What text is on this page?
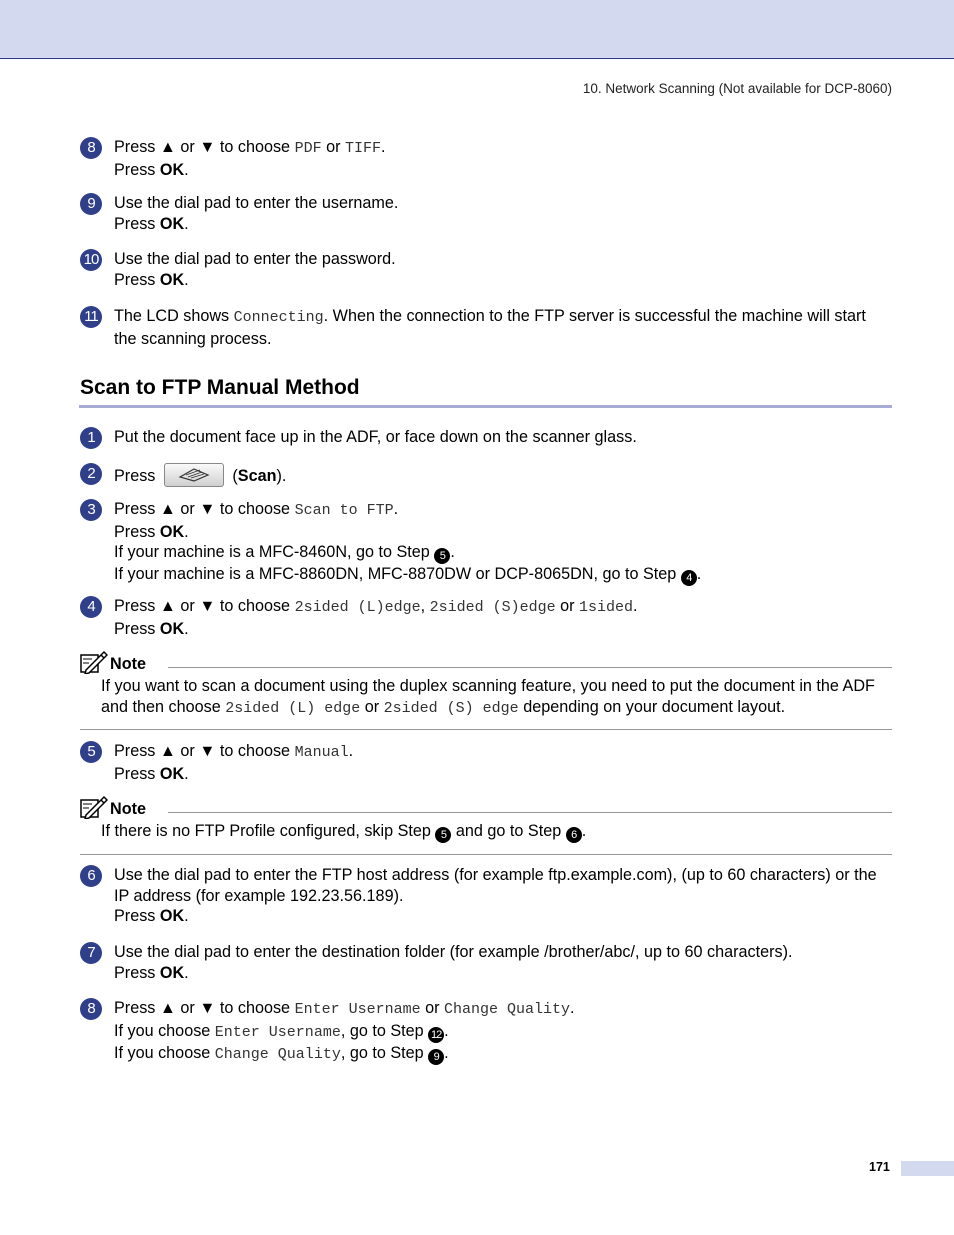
10. Network Scanning (Not available for DCP-8060)
8	Press ▲ or ▼ to choose PDF or TIFF.
Press OK.
9	Use the dial pad to enter the username.
Press OK.
10 Use the dial pad to enter the password.
Press OK.
11 The LCD shows Connecting. When the connection to the FTP server is successful the machine will start the scanning process.
Scan to FTP Manual Method
1	Put the document face up in the ADF, or face down on the scanner glass.
2	Press	(Scan).
3	Press ▲ or ▼ to choose Scan to FTP.
Press OK.
If your machine is a MFC-8460N, go to Step 5 .
If your machine is a MFC-8860DN, MFC-8870DW or DCP-8065DN, go to Step 4 .
4	Press ▲ or ▼ to choose 2sided (L)edge, 2sided (S)edge or 1sided.
Press OK.
Note
If you want to scan a document using the duplex scanning feature, you need to put the document in the ADF and then choose 2sided (L) edge or 2sided (S) edge depending on your document layout.
5	Press ▲ or ▼ to choose Manual.
Press OK.
Note
If there is no FTP Profile configured, skip Step 5 and go to Step 6 .
6	Use the dial pad to enter the FTP host address (for example ftp.example.com), (up to 60 characters) or the IP address (for example 192.23.56.189).
Press OK.
7	Use the dial pad to enter the destination folder (for example /brother/abc/, up to 60 characters).
Press OK.
8	Press ▲ or ▼ to choose Enter Username or Change Quality.
If you choose Enter Username, go to Step 12 .
If you choose Change Quality, go to Step 9 .
171
